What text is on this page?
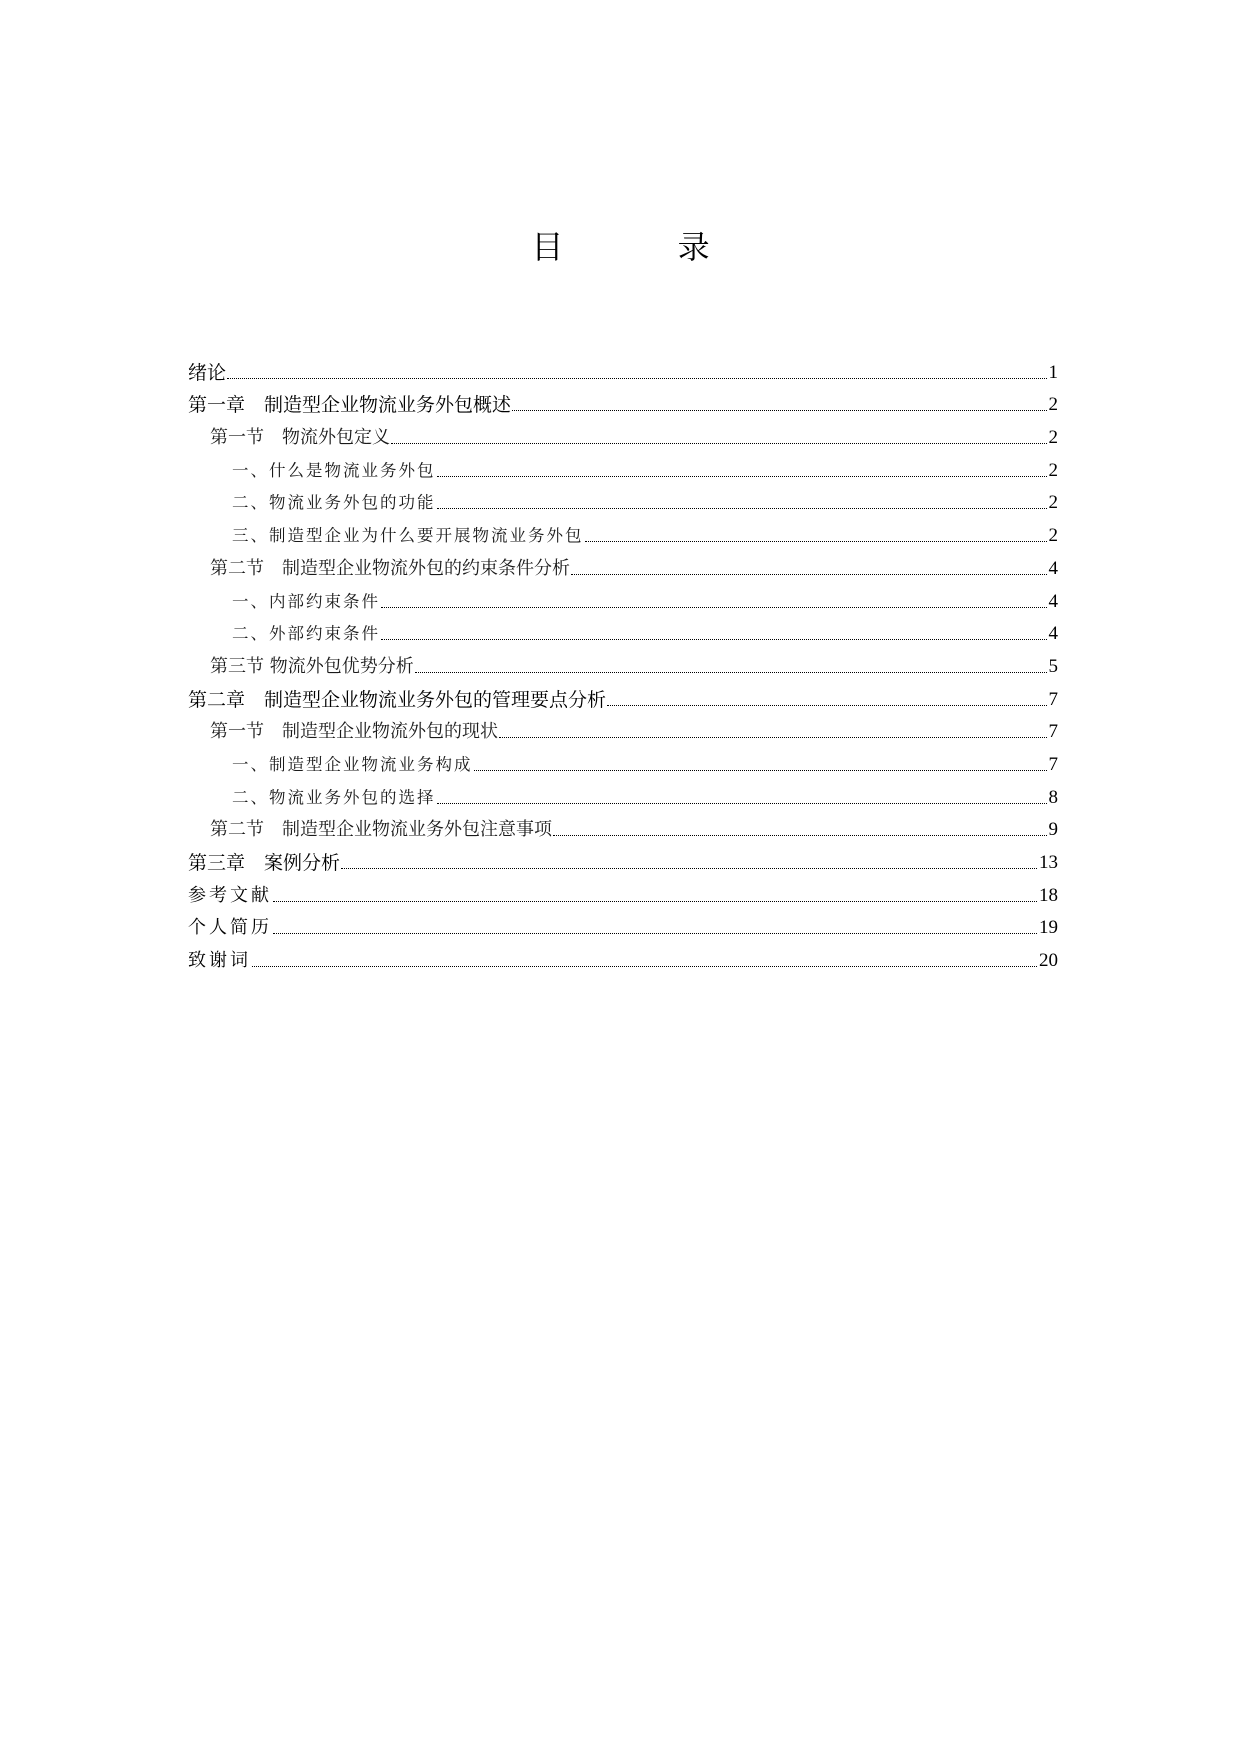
目 录
绪论	1
第一章　制造型企业物流业务外包概述	2
第一节　物流外包定义	2
一、什么是物流业务外包	2
二、物流业务外包的功能	2
三、制造型企业为什么要开展物流业务外包	2
第二节　制造型企业物流外包的约束条件分析	4
一、内部约束条件	4
二、外部约束条件	4
第三节 物流外包优势分析	5
第二章　制造型企业物流业务外包的管理要点分析	7
第一节　制造型企业物流外包的现状	7
一、制造型企业物流业务构成	7
二、物流业务外包的选择	8
第二节　制造型企业物流业务外包注意事项	9
第三章　案例分析	13
参考文献	18
个人简历	19
致谢词	20
